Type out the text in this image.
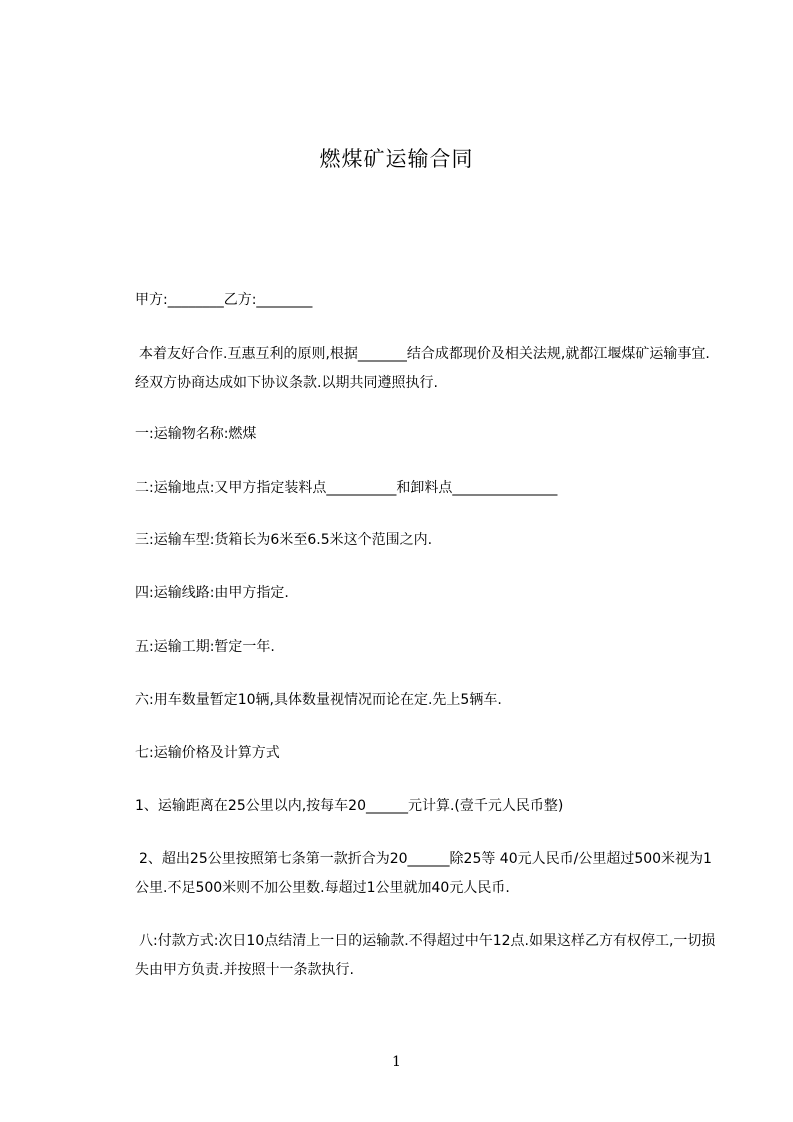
燃煤矿运输合同

甲方:________乙方:________

本着友好合作.互惠互利的原则,根据_______结合成都现价及相关法规,就都江堰煤矿运输事宜.经双方协商达成如下协议条款.以期共同遵照执行.

一:运输物名称:燃煤

二:运输地点:又甲方指定装料点__________和卸料点_______________

三:运输车型:货箱长为6米至6.5米这个范围之内.

四:运输线路:由甲方指定.

五:运输工期:暂定一年.

六:用车数量暂定10辆,具体数量视情况而论在定.先上5辆车.

七:运输价格及计算方式

1、运输距离在25公里以内,按每车20______元计算.(壹千元人民币整)

2、超出25公里按照第七条第一款折合为20______除25等 40元人民币/公里超过500米视为1公里.不足500米则不加公里数.每超过1公里就加40元人民币.

八:付款方式:次日10点结清上一日的运输款.不得超过中午12点.如果这样乙方有权停工,一切损失由甲方负责.并按照十一条款执行.

1
